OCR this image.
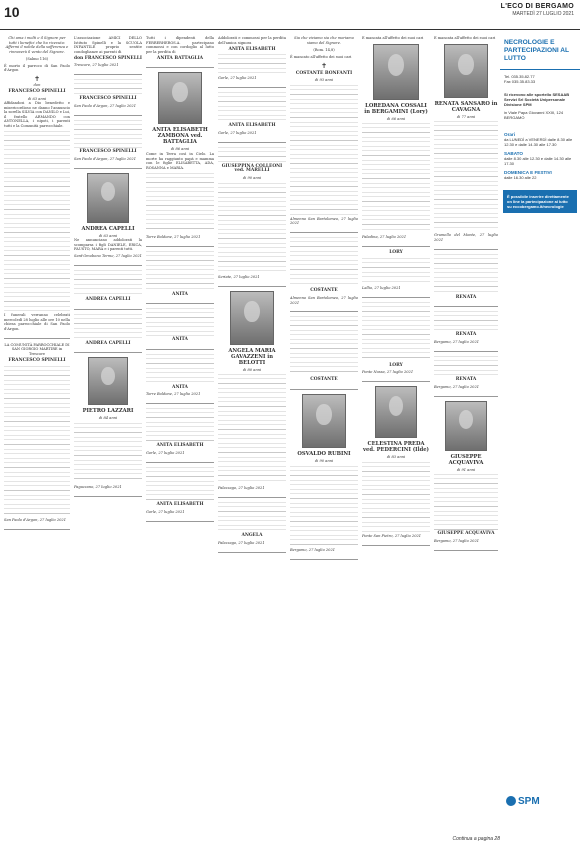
10	L'ECO DI BERGAMO
MARTEDÌ 27 LUGLIO 2021

Chi ama i molti e il Signore per tutti i benefici che ha ricevuto: Affermi il nobile della sofferenza e rinnoverà il vento del Signore.

(Salmo 116)

È morto il parroco di San Paolo d'Argon

✝
don
FRANCESCO SPINELLI
di 63 anni

Affidandosi a Dio benedetto e misericordioso ne danno l'annuncio la sorella SILVIA con DANILO e Lui, il fratello ARMANDO con ANTONELLA, i nipoti, i parenti tutti e la Comunità parrocchiale.

I funerali verranno celebrati mercoledì 28 luglio alle ore 10 nella chiesa parrocchiale di San Paolo d'Argon.

LA COMUNITÀ PARROCCHIALE DI SAN GIORGIO MARTIRE in Trescore

FRANCESCO SPINELLI

San Paolo d'Argon, 27 luglio 2021

L'associazione AMICI DELLO Istituto Spinelli e la SCUOLA INFANTILE proprio sentite condoglianze ai parenti di

don FRANCESCO SPINELLI

Trescore, 27 luglio 2021

FRANCESCO SPINELLI

San Paolo d'Argon, 27 luglio 2021

FRANCESCO SPINELLI

San Paolo d'Argon, 27 luglio 2021

ANDREA CAPELLI
di 63 anni

Ne annunciano addolorati la scomparsa i figli DANIELE, ERICA, FAUSTO, MARA e i parenti tutti.

Sant'Omobono Terme, 27 luglio 2021

ANDREA CAPELLI
ANDREA CAPELLI
PIETRO LAZZARI
di 84 anni

Pagazzano, 27 luglio 2021

Tutti i dipendenti della FERRERHEROS.A. partecipano commossi e con cordoglio al lutto per la perdita di

ANITA BATTAGLIA
ANITA ELISABETH ZAMBONA ved. BATTAGLIA
di 86 anni

Come in Terra così in Cielo. La morte ha raggiunto papà e mamma con le figlie ELISABETTA, ADA, ROSANNA e MARIA.

Torre Boldone, 27 luglio 2021

ANITA
ANITA
ANITA

Torre Boldone, 27 luglio 2021

ANITA ELISABETH

Gorle, 27 luglio 2021

ANITA ELISABETH

Gorle, 27 luglio 2021

Addolorati e commossi per la perdita dell'amica signora

ANITA ELISABETH

Gorle, 27 luglio 2021

ANITA ELISABETH

Gorle, 27 luglio 2021

GIUSEPPINA COLLEONI ved. MARELLI
di 90 anni

Seriate, 27 luglio 2021

ANGELA MARIA GAVAZZENI in BELOTTI
di 80 anni

Palazzago, 27 luglio 2021

ANGELA

Palazzago, 27 luglio 2021

Sia che viviamo sia che moriamo siamo del Signore.

(Rom. 14,8)

È mancato all'affetto dei suoi cari

✝
COSTANTE BONFANTI
di 93 anni

Almenno San Bartolomeo, 27 luglio 2021

COSTANTE

Almenno San Bartolomeo, 27 luglio 2021

COSTANTE
OSVALDO RUBINI
di 90 anni

Bergamo, 27 luglio 2021

È mancata all'affetto dei suoi cari

LOREDANA COSSALI in BERGAMINI (Lory)
di 66 anni

Paladina, 27 luglio 2021

LORY

Lallio, 27 luglio 2021

LORY

Ponte Nossa, 27 luglio 2021

CELESTINA PREDA ved. PEDERCINI (Ilde)
di 83 anni

Ponte San Pietro, 27 luglio 2021

È mancata all'affetto dei suoi cari

RENATA SANSARO in CAVAGNA
di 77 anni

Grumello del Monte, 27 luglio 2021

RENATA
RENATA

Bergamo, 27 luglio 2021

RENATA

Bergamo, 27 luglio 2021

GIUSEPPE ACQUAVIVA
di 91 anni
GIUSEPPE ACQUAVIVA

Bergamo, 27 luglio 2021

NECROLOGIE E PARTECIPAZIONI AL LUTTO
Tel. 035.35.82.77
Fax 035.35.83.33
Si ricevono alle sportello SESAAB Servizi Srl Società Unipersonale Divisione SPM
in Viale Papa Giovanni XXIII, 124 BERGAMO
Orari
da LUNEDÌ a VENERDÌ dalle 8.30 alle 12.30 e dalle 14.30 alle 17.30
SABATO
dalle 8.30 alle 12.30 e dalle 14.30 alle 17.30
DOMENICA E FESTIVI
dalle 16.30 alle 22
È possibile inserire direttamente on line la partecipazione al lutto su eccobergamo.it/necrologie
SPM
Continua a pagina 28
